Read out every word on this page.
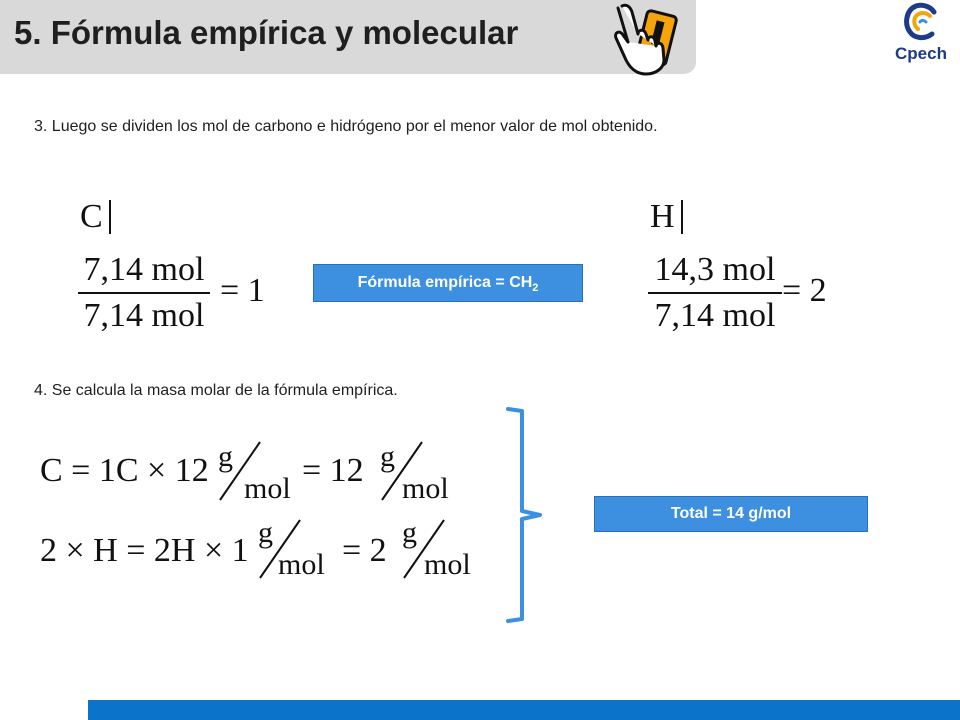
5. Fórmula empírica y molecular
Cpech
3. Luego se dividen los mol de carbono e hidrógeno por el menor valor de mol obtenido.
C
7,14 mol
7,14 mol
= 1	Fórmula empírica = $CH_2$
H
14,3 mol
7,14 mol
= 2
4. Se calcula la masa molar de la fórmula empírica.
C = 1C × 12 g
mol = 12 g
mol
2 × H = 2H × 1 g
mol = 2 g
mol
Total = 14 g/mol
